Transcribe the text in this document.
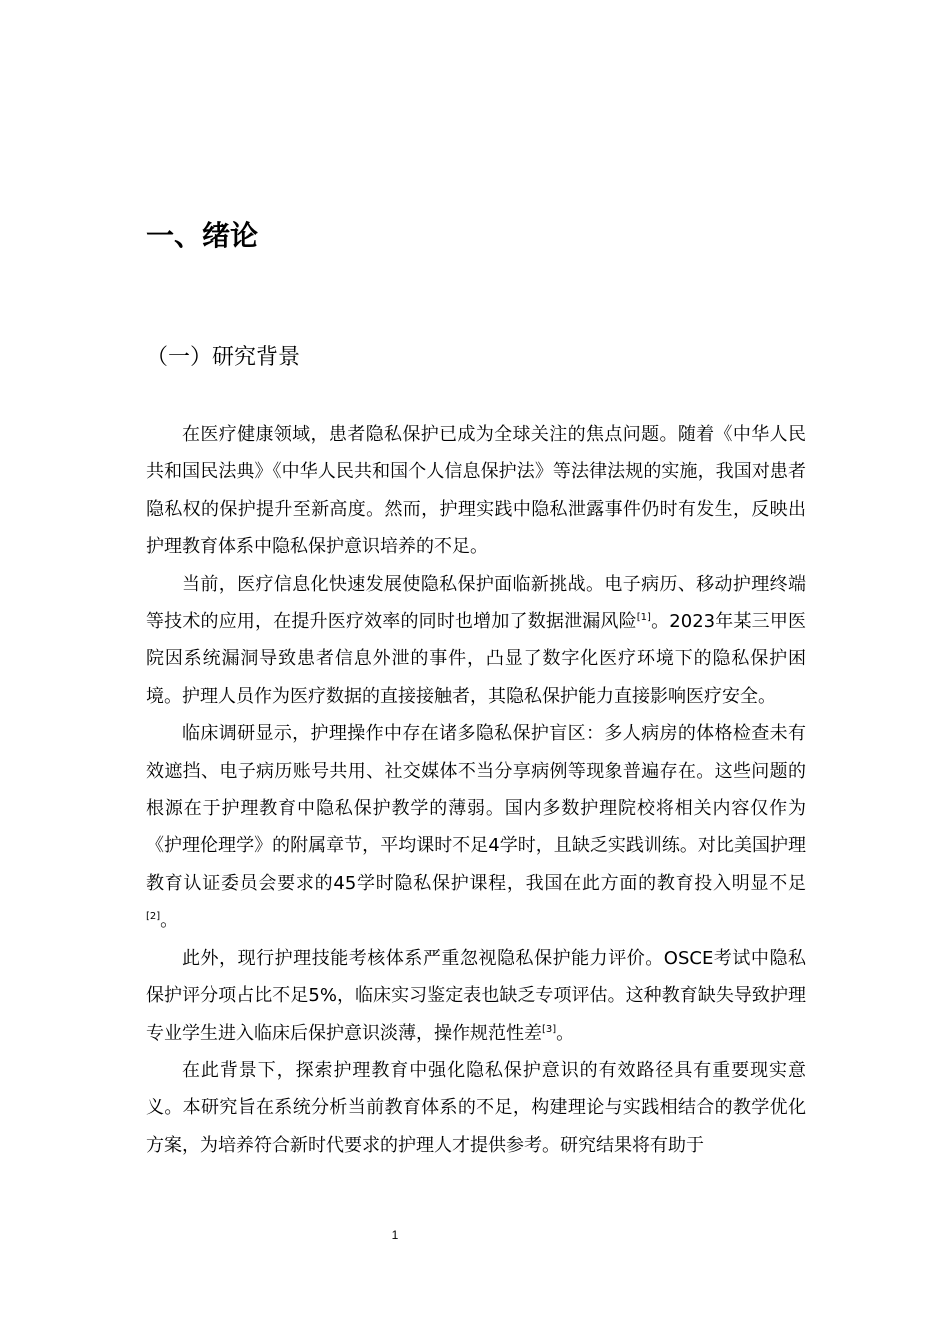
一、绪论
（一）研究背景

在医疗健康领域，患者隐私保护已成为全球关注的焦点问题。随着《中华人民共和国民法典》《中华人民共和国个人信息保护法》等法律法规的实施，我国对患者隐私权的保护提升至新高度。然而，护理实践中隐私泄露事件仍时有发生，反映出护理教育体系中隐私保护意识培养的不足。

当前，医疗信息化快速发展使隐私保护面临新挑战。电子病历、移动护理终端等技术的应用，在提升医疗效率的同时也增加了数据泄漏风险[1]。2023年某三甲医院因系统漏洞导致患者信息外泄的事件，凸显了数字化医疗环境下的隐私保护困境。护理人员作为医疗数据的直接接触者，其隐私保护能力直接影响医疗安全。

临床调研显示，护理操作中存在诸多隐私保护盲区：多人病房的体格检查未有效遮挡、电子病历账号共用、社交媒体不当分享病例等现象普遍存在。这些问题的根源在于护理教育中隐私保护教学的薄弱。国内多数护理院校将相关内容仅作为《护理伦理学》的附属章节，平均课时不足4学时，且缺乏实践训练。对比美国护理教育认证委员会要求的45学时隐私保护课程，我国在此方面的教育投入明显不足[2]。

此外，现行护理技能考核体系严重忽视隐私保护能力评价。OSCE考试中隐私保护评分项占比不足5%，临床实习鉴定表也缺乏专项评估。这种教育缺失导致护理专业学生进入临床后保护意识淡薄，操作规范性差[3]。

在此背景下，探索护理教育中强化隐私保护意识的有效路径具有重要现实意义。本研究旨在系统分析当前教育体系的不足，构建理论与实践相结合的教学优化方案，为培养符合新时代要求的护理人才提供参考。研究结果将有助于

1
